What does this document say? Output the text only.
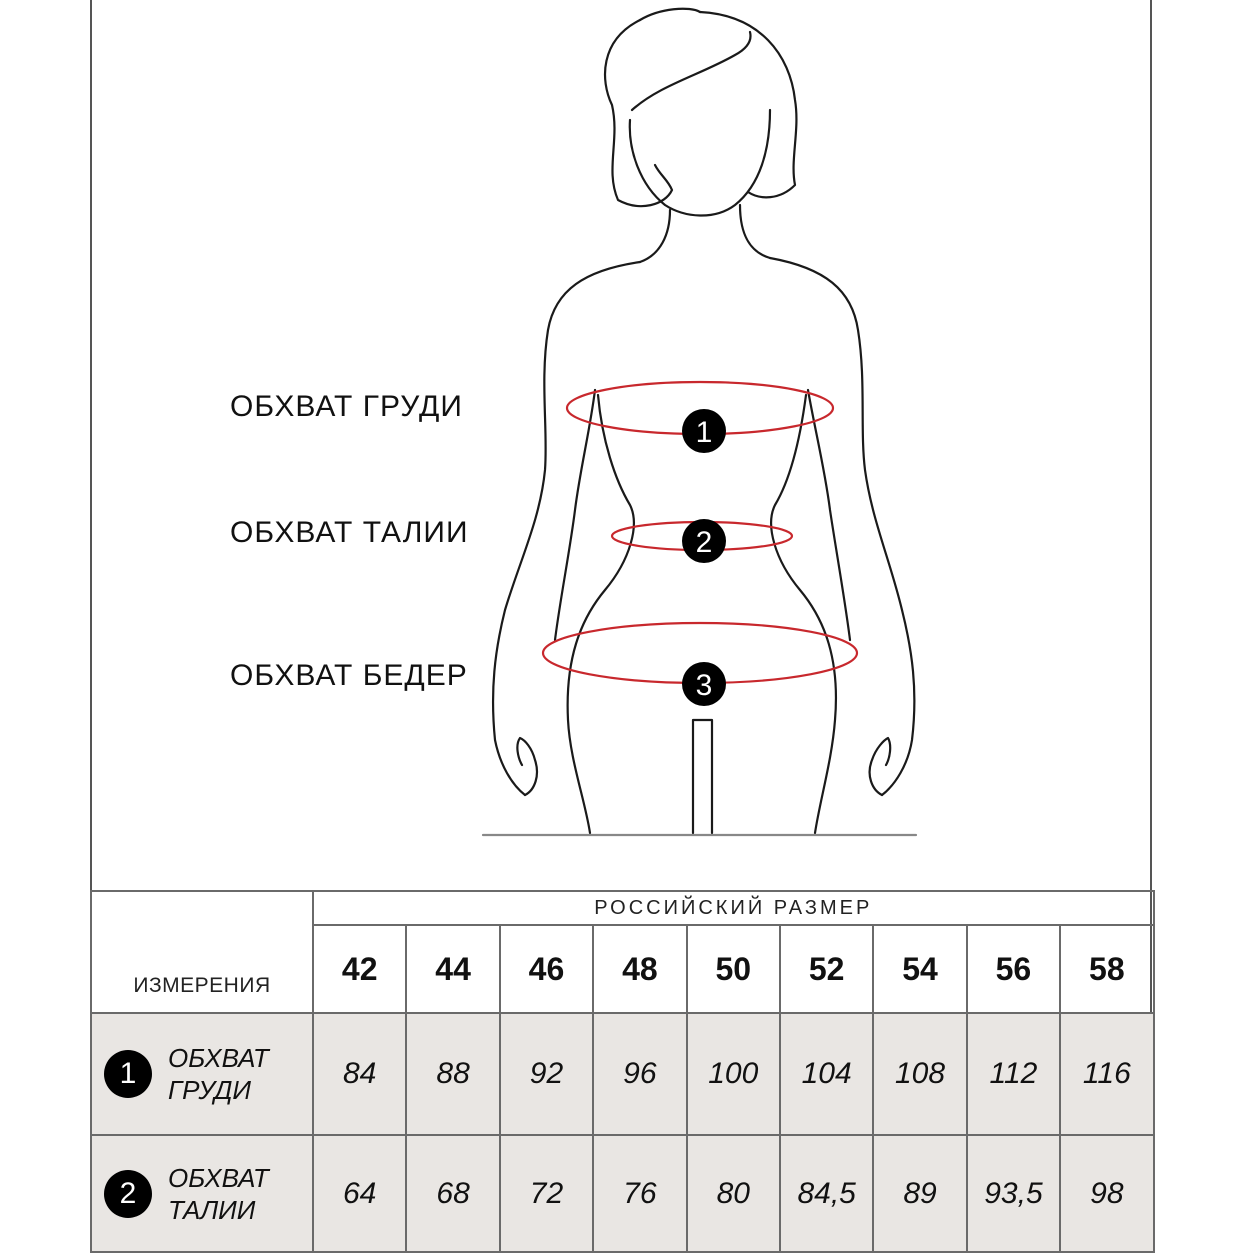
1
2
3
ОБХВАТ ГРУДИ
ОБХВАТ ТАЛИИ
ОБХВАТ БЕДЕР
ИЗМЕРЕНИЯ	РОССИЙСКИЙ РАЗМЕР								
	42	44	46	48	50	52	54	56	58

1 ОБХВАТ
ГРУДИ	84	88	92	96	100	104	108	112	116

2 ОБХВАТ
ТАЛИИ	64	68	72	76	80	84,5	89	93,5	98
